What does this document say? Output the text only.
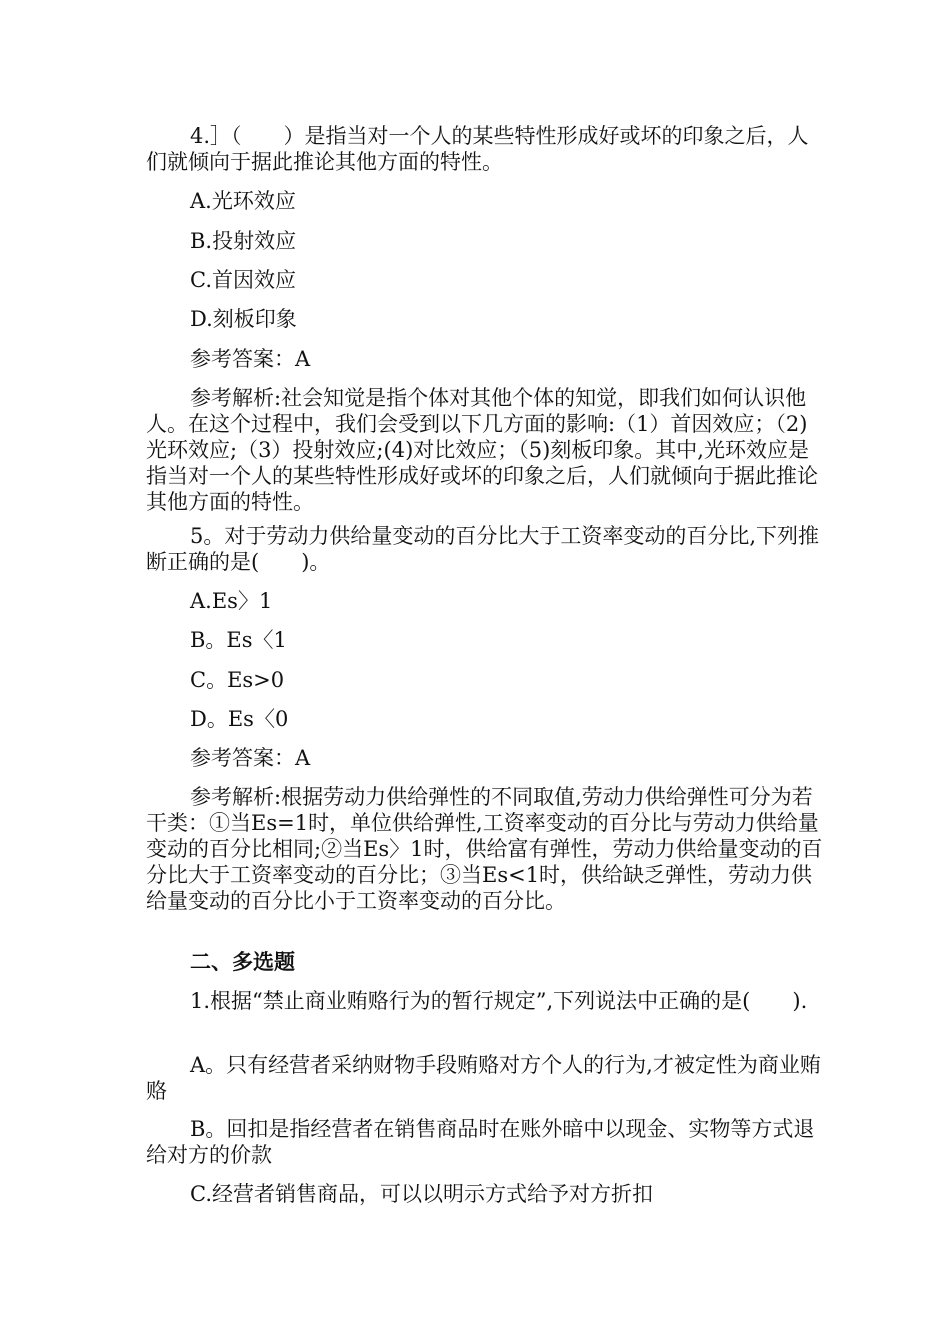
4.］（　　）是指当对一个人的某些特性形成好或坏的印象之后，人们就倾向于据此推论其他方面的特性。

A.光环效应

B.投射效应

C.首因效应

D.刻板印象

参考答案：A

参考解析:社会知觉是指个体对其他个体的知觉，即我们如何认识他人。在这个过程中，我们会受到以下几方面的影响:（1）首因效应；（2)光环效应;（3）投射效应;(4)对比效应；（5)刻板印象。其中,光环效应是指当对一个人的某些特性形成好或坏的印象之后，人们就倾向于据此推论其他方面的特性。

5。对于劳动力供给量变动的百分比大于工资率变动的百分比,下列推断正确的是(　　)。

A.Es〉1

B。Es〈1

C。Es>0

D。Es〈0

参考答案：A

参考解析:根据劳动力供给弹性的不同取值,劳动力供给弹性可分为若干类：①当Es=1时，单位供给弹性,工资率变动的百分比与劳动力供给量变动的百分比相同;②当Es〉1时，供给富有弹性，劳动力供给量变动的百分比大于工资率变动的百分比；③当Es<1时，供给缺乏弹性，劳动力供给量变动的百分比小于工资率变动的百分比。

二、多选题

1.根据“禁止商业贿赂行为的暂行规定”,下列说法中正确的是(　　).

A。只有经营者采纳财物手段贿赂对方个人的行为,才被定性为商业贿赂

B。回扣是指经营者在销售商品时在账外暗中以现金、实物等方式退给对方的价款

C.经营者销售商品，可以以明示方式给予对方折扣
